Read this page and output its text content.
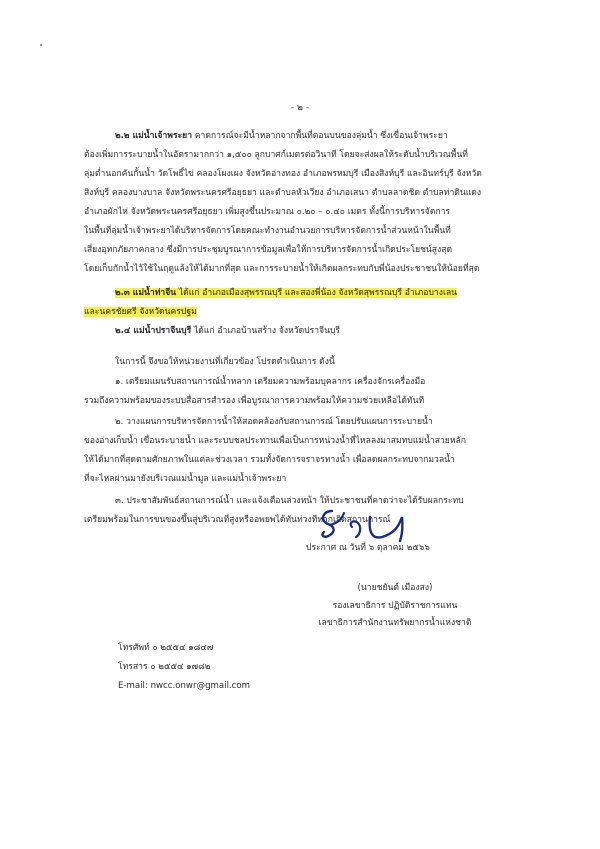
- ๒ -
๒.๒ แม่น้ำเจ้าพระยา คาดการณ์จะมีน้ำหลากจากพื้นที่ตอนบนของลุ่มน้ำ ซึ่งเขื่อนเจ้าพระยา
ต้องเพิ่มการระบายน้ำในอัตรามากกว่า ๑,๕๐๐ ลูกบาศก์เมตรต่อวินาที โดยจะส่งผลให้ระดับน้ำบริเวณพื้นที่
ลุ่มต่ำนอกคันกั้นน้ำ วัดโพธิ์ไข่ คลองโผงเผง จังหวัดอ่างทอง อำเภอพรหมบุรี เมืองสิงห์บุรี และอินทร์บุรี จังหวัด
สิงห์บุรี คลองบางบาล จังหวัดพระนครศรีอยุธยา และตำบลหัวเวียง อำเภอเสนา ตำบลลาดชิด ตำบลท่าดินแดง
อำเภอผักไห่ จังหวัดพระนครศรีอยุธยา เพิ่มสูงขึ้นประมาณ ๐.๒๐ – ๐.๔๐ เมตร ทั้งนี้การบริหารจัดการ
ในพื้นที่ลุ่มน้ำเจ้าพระยาได้บริหารจัดการโดยคณะทำงานอำนวยการบริหารจัดการน้ำส่วนหน้าในพื้นที่
เสี่ยงอุทกภัยภาคกลาง ซึ่งมีการประชุมบูรณาการข้อมูลเพื่อให้การบริหารจัดการน้ำเกิดประโยชน์สูงสุด
โดยเก็บกักน้ำไว้ใช้ในฤดูแล้งให้ได้มากที่สุด และการระบายน้ำให้เกิดผลกระทบกับพี่น้องประชาชนให้น้อยที่สุด
๒.๓ แม่น้ำท่าจีน ได้แก่ อำเภอเมืองสุพรรณบุรี และสองพี่น้อง จังหวัดสุพรรณบุรี อำเภอบางเลน
และนครชัยศรี จังหวัดนครปฐม
๒.๔ แม่น้ำปราจีนบุรี ได้แก่ อำเภอบ้านสร้าง จังหวัดปราจีนบุรี
ในการนี้ จึงขอให้หน่วยงานที่เกี่ยวข้อง โปรดดำเนินการ ดังนี้
๑. เตรียมแผนรับสถานการณ์น้ำหลาก เตรียมความพร้อมบุคลากร เครื่องจักรเครื่องมือ
รวมถึงความพร้อมของระบบสื่อสารสำรอง เพื่อบูรณาการความพร้อมให้ความช่วยเหลือได้ทันที
๒. วางแผนการบริหารจัดการน้ำให้สอดคล้องกับสถานการณ์ โดยปรับแผนการระบายน้ำ
ของอ่างเก็บน้ำ เขื่อนระบายน้ำ และระบบชลประทานเพื่อเป็นการหน่วงน้ำที่ไหลลงมาสมทบแม่น้ำสายหลัก
ให้ได้มากที่สุดตามศักยภาพในแต่ละช่วงเวลา รวมทั้งจัดการจราจรทางน้ำ เพื่อลดผลกระทบจากมวลน้ำ
ที่จะไหลผ่านมายังบริเวณแม่น้ำมูล และแม่น้ำเจ้าพระยา
๓. ประชาสัมพันธ์สถานการณ์น้ำ และแจ้งเตือนล่วงหน้า ให้ประชาชนที่คาดว่าจะได้รับผลกระทบ
เตรียมพร้อมในการขนของขึ้นสู่บริเวณที่สูงหรืออพยพได้ทันท่วงทีหากเกิดสถานการณ์
ประกาศ ณ วันที่ ๖ ตุลาคม ๒๕๖๖
(นายชยันต์ เมืองสง)
รองเลขาธิการ ปฏิบัติราชการแทน
เลขาธิการสำนักงานทรัพยากรน้ำแห่งชาติ
โทรศัพท์ ๐ ๒๕๕๔ ๑๘๔๗
โทรสาร ๐ ๒๕๕๔ ๑๗๘๒
E-mail: nwcc.onwr@gmail.com
